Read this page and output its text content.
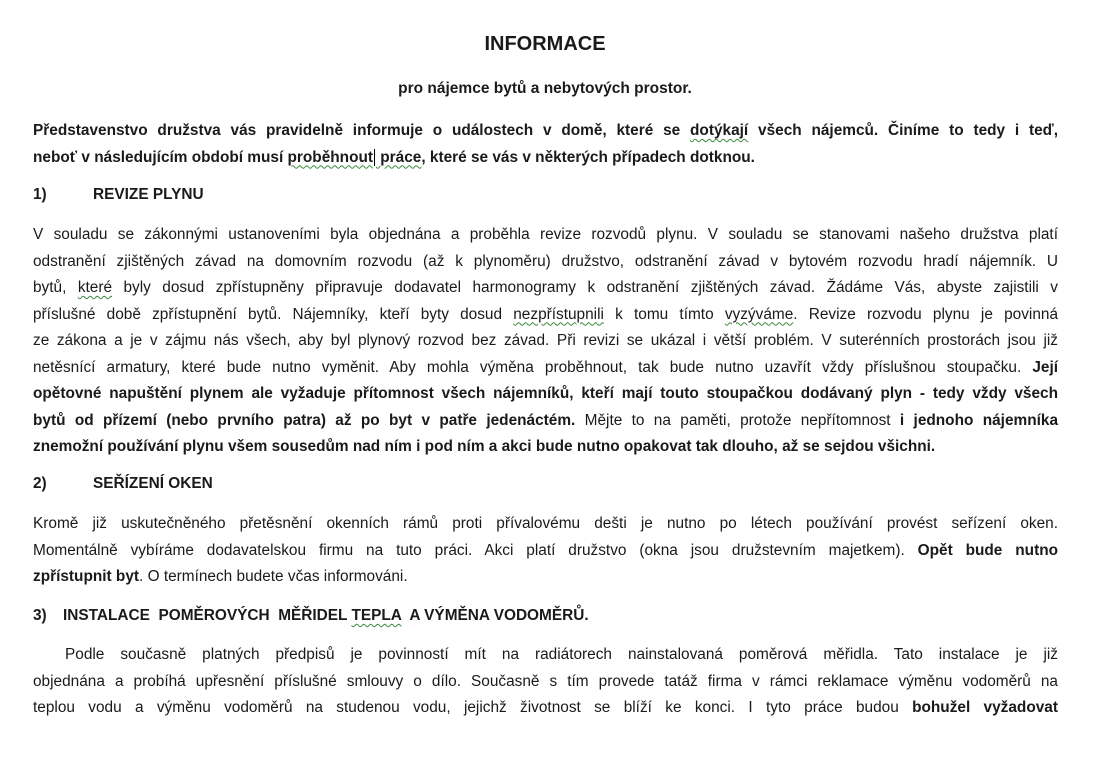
INFORMACE
pro nájemce bytů a nebytových prostor.
Představenstvo družstva vás pravidelně informuje o událostech v domě, které se dotýkají všech nájemců. Činíme to tedy i teď,
neboť v následujícím období musí proběhnout práce, které se vás v některých případech dotknou.
1)	REVIZE PLYNU
V souladu se zákonnými ustanoveními byla objednána a proběhla revize rozvodů plynu. V souladu se stanovami našeho družstva platí
odstranění zjištěných závad na domovním rozvodu (až k plynoměru) družstvo, odstranění závad v bytovém rozvodu hradí nájemník. U
bytů, které byly dosud zpřístupněny připravuje dodavatel harmonogramy k odstranění zjištěných závad. Žádáme Vás, abyste zajistili v
příslušné době zpřístupnění bytů. Nájemníky, kteří byty dosud nezpřístupnili k tomu tímto vyzýváme. Revize rozvodu plynu je povinná
ze zákona a je v zájmu nás všech, aby byl plynový rozvod bez závad. Při revizi se ukázal i větší problém. V suterénních prostorách jsou již
netěsnící armatury, které bude nutno vyměnit. Aby mohla výměna proběhnout, tak bude nutno uzavřít vždy příslušnou stoupačku. Její
opětovné napuštění plynem ale vyžaduje přítomnost všech nájemníků, kteří mají touto stoupačkou dodávaný plyn - tedy vždy všech
bytů od přízemí (nebo prvního patra) až po byt v patře jedenáctém. Mějte to na paměti, protože nepřítomnost i jednoho nájemníka
znemožní používání plynu všem sousedům nad ním i pod ním a akci bude nutno opakovat tak dlouho, až se sejdou všichni.
2)	SEŘÍZENÍ OKEN
Kromě již uskutečněného přetěsnění okenních rámů proti přívalovému dešti je nutno po létech používání provést seřízení oken.
Momentálně vybíráme dodavatelskou firmu na tuto práci. Akci platí družstvo (okna jsou družstevním majetkem). Opět bude nutno
zpřístupnit byt. O termínech budete včas informováni.
3) INSTALACE  POMĚROVÝCH  MĚŘIDEL TEPLA  A VÝMĚNA VODOMĚRŮ.
Podle současně platných předpisů je povinností mít na radiátorech nainstalovaná poměrová měřidla. Tato instalace je již
objednána a probíhá upřesnění příslušné smlouvy o dílo. Současně s tím provede tatáž firma v rámci reklamace výměnu vodoměrů na
teplou vodu a výměnu vodoměrů na studenou vodu, jejichž životnost se blíží ke konci. I tyto práce budou bohužel vyžadovat
